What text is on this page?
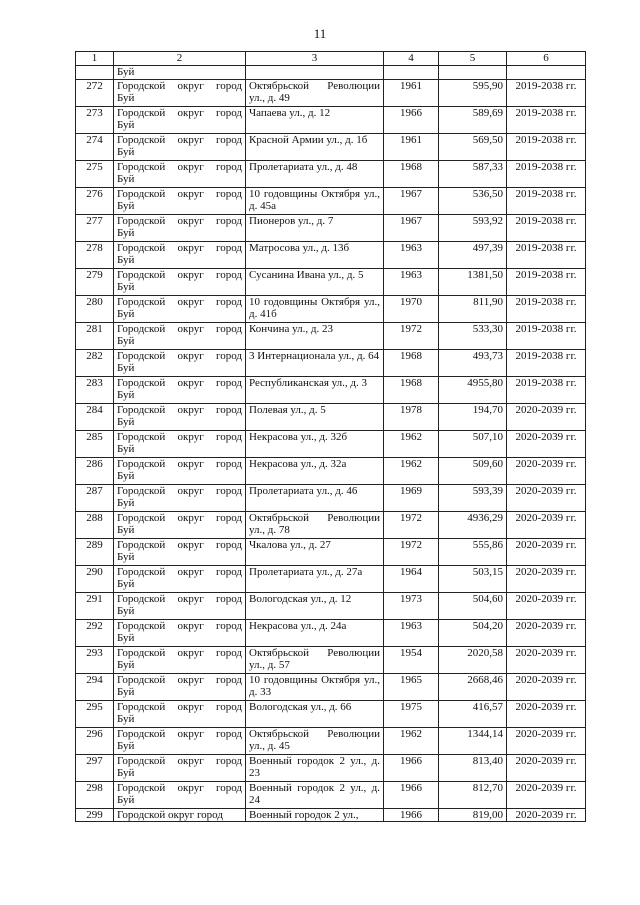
11
1	2	3	4	5	6
	Буй				
272	Городской округ город Буй	Октябрьской Революции ул., д. 49	1961	595,90	2019-2038 гг.
273	Городской округ город Буй	Чапаева ул., д. 12	1966	589,69	2019-2038 гг.
274	Городской округ город Буй	Красной Армии ул., д. 1б	1961	569,50	2019-2038 гг.
275	Городской округ город Буй	Пролетариата ул., д. 48	1968	587,33	2019-2038 гг.
276	Городской округ город Буй	10 годовщины Октября ул., д. 45а	1967	536,50	2019-2038 гг.
277	Городской округ город Буй	Пионеров ул., д. 7	1967	593,92	2019-2038 гг.
278	Городской округ город Буй	Матросова ул., д. 13б	1963	497,39	2019-2038 гг.
279	Городской округ город Буй	Сусанина Ивана ул., д. 5	1963	1381,50	2019-2038 гг.
280	Городской округ город Буй	10 годовщины Октября ул., д. 41б	1970	811,90	2019-2038 гг.
281	Городской округ город Буй	Кончина ул., д. 23	1972	533,30	2019-2038 гг.
282	Городской округ город Буй	3 Интернационала ул., д. 64	1968	493,73	2019-2038 гг.
283	Городской округ город Буй	Республиканская ул., д. 3	1968	4955,80	2019-2038 гг.
284	Городской округ город Буй	Полевая ул., д. 5	1978	194,70	2020-2039 гг.
285	Городской округ город Буй	Некрасова ул., д. 32б	1962	507,10	2020-2039 гг.
286	Городской округ город Буй	Некрасова ул., д. 32а	1962	509,60	2020-2039 гг.
287	Городской округ город Буй	Пролетариата ул., д. 46	1969	593,39	2020-2039 гг.
288	Городской округ город Буй	Октябрьской Революции ул., д. 78	1972	4936,29	2020-2039 гг.
289	Городской округ город Буй	Чкалова ул., д. 27	1972	555,86	2020-2039 гг.
290	Городской округ город Буй	Пролетариата ул., д. 27а	1964	503,15	2020-2039 гг.
291	Городской округ город Буй	Вологодская ул., д. 12	1973	504,60	2020-2039 гг.
292	Городской округ город Буй	Некрасова ул., д. 24а	1963	504,20	2020-2039 гг.
293	Городской округ город Буй	Октябрьской Революции ул., д. 57	1954	2020,58	2020-2039 гг.
294	Городской округ город Буй	10 годовщины Октября ул., д. 33	1965	2668,46	2020-2039 гг.
295	Городской округ город Буй	Вологодская ул., д. 66	1975	416,57	2020-2039 гг.
296	Городской округ город Буй	Октябрьской Революции ул., д. 45	1962	1344,14	2020-2039 гг.
297	Городской округ город Буй	Военный городок 2 ул., д. 23	1966	813,40	2020-2039 гг.
298	Городской округ город Буй	Военный городок 2 ул., д. 24	1966	812,70	2020-2039 гг.
299	Городской округ город	Военный городок 2 ул.,	1966	819,00	2020-2039 гг.
